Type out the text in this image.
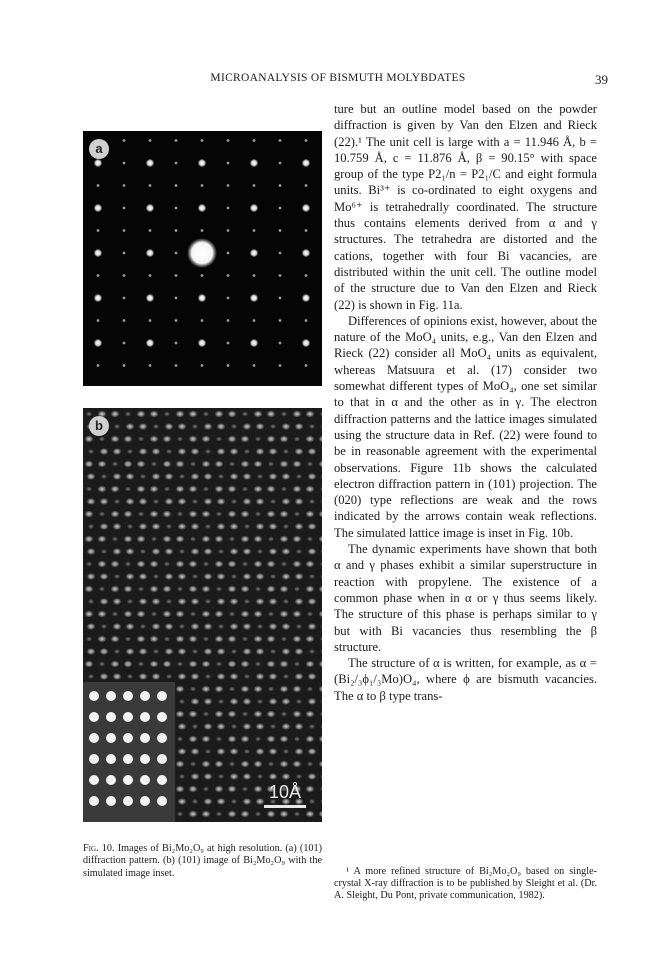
MICROANALYSIS OF BISMUTH MOLYBDATES	39
a
b
10Å
Fig. 10. Images of Bi₂Mo₂O₉ at high resolution. (a) (101) diffraction pattern. (b) (101) image of Bi₂Mo₂O₉ with the simulated image inset.

ture but an outline model based on the powder diffraction is given by Van den Elzen and Rieck (22).¹ The unit cell is large with a = 11.946 Å, b = 10.759 Å, c = 11.876 Å, β = 90.15° with space group of the type P2₁/n = P2₁/C and eight formula units. Bi³⁺ is co-ordinated to eight oxygens and Mo⁶⁺ is tetrahedrally coordinated. The structure thus contains elements derived from α and γ structures. The tetrahedra are distorted and the cations, together with four Bi vacancies, are distributed within the unit cell. The outline model of the structure due to Van den Elzen and Rieck (22) is shown in Fig. 11a.

Differences of opinions exist, however, about the nature of the MoO₄ units, e.g., Van den Elzen and Rieck (22) consider all MoO₄ units as equivalent, whereas Matsuura et al. (17) consider two somewhat different types of MoO₄, one set similar to that in α and the other as in γ. The electron diffraction patterns and the lattice images simulated using the structure data in Ref. (22) were found to be in reasonable agreement with the experimental observations. Figure 11b shows the calculated electron diffraction pattern in (101) projection. The (020) type reflections are weak and the rows indicated by the arrows contain weak reflections. The simulated lattice image is inset in Fig. 10b.

The dynamic experiments have shown that both α and γ phases exhibit a similar superstructure in reaction with propylene. The existence of a common phase when in α or γ thus seems likely. The structure of this phase is perhaps similar to γ but with Bi vacancies thus resembling the β structure.

The structure of α is written, for example, as α = (Bi₂/₃ϕ₁/₃Mo)O₄, where ϕ are bismuth vacancies. The α to β type trans-

¹ A more refined structure of Bi₂Mo₂O₉ based on single-crystal X-ray diffraction is to be published by Sleight et al. (Dr. A. Sleight, Du Pont, private communication, 1982).
